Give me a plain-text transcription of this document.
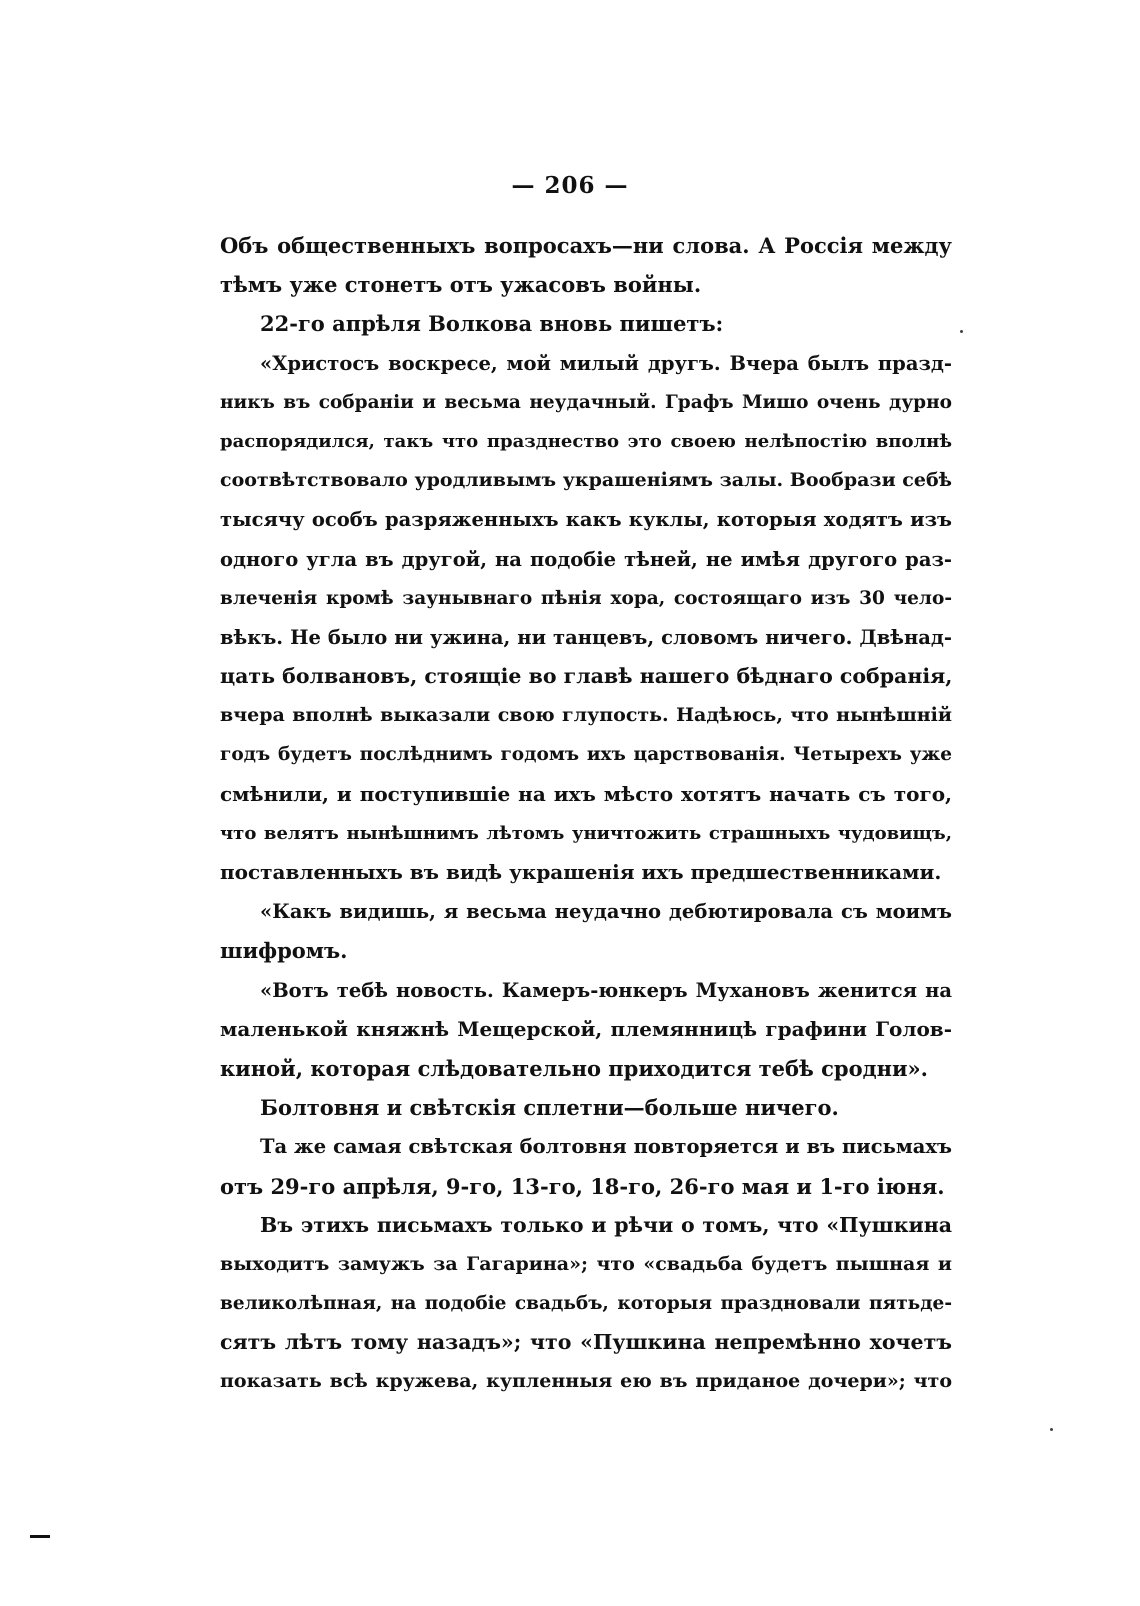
— 206 —
Объ общественныхъ вопросахъ—ни слова. А Россія между
тѣмъ уже стонетъ отъ ужасовъ войны.
22-го апрѣля Волкова вновь пишетъ:
«Христосъ воскресе, мой милый другъ. Вчера былъ празд-
никъ въ собраніи и весьма неудачный. Графъ Мишо очень дурно
распорядился, такъ что празднество это своею нелѣпостію вполнѣ
соотвѣтствовало уродливымъ украшеніямъ залы. Вообрази себѣ
тысячу особъ разряженныхъ какъ куклы, которыя ходятъ изъ
одного угла въ другой, на подобіе тѣней, не имѣя другого раз-
влеченія кромѣ заунывнаго пѣнія хора, состоящаго изъ 30 чело-
вѣкъ. Не было ни ужина, ни танцевъ, словомъ ничего. Двѣнад-
цать болвановъ, стоящіе во главѣ нашего бѣднаго собранія,
вчера вполнѣ выказали свою глупость. Надѣюсь, что нынѣшній
годъ будетъ послѣднимъ годомъ ихъ царствованія. Четырехъ уже
смѣнили, и поступившіе на ихъ мѣсто хотятъ начать съ того,
что велятъ нынѣшнимъ лѣтомъ уничтожить страшныхъ чудовищъ,
поставленныхъ въ видѣ украшенія ихъ предшественниками.
«Какъ видишь, я весьма неудачно дебютировала съ моимъ
шифромъ.
«Вотъ тебѣ новость. Камеръ-юнкеръ Мухановъ женится на
маленькой княжнѣ Мещерской, племянницѣ графини Голов-
киной, которая слѣдовательно приходится тебѣ сродни».
Болтовня и свѣтскія сплетни—больше ничего.
Та же самая свѣтская болтовня повторяется и въ письмахъ
отъ 29-го апрѣля, 9-го, 13-го, 18-го, 26-го мая и 1-го іюня.
Въ этихъ письмахъ только и рѣчи о томъ, что «Пушкина
выходитъ замужъ за Гагарина»; что «свадьба будетъ пышная и
великолѣпная, на подобіе свадьбъ, которыя праздновали пятьде-
сятъ лѣтъ тому назадъ»; что «Пушкина непремѣнно хочетъ
показать всѣ кружева, купленныя ею въ приданое дочери»; что
